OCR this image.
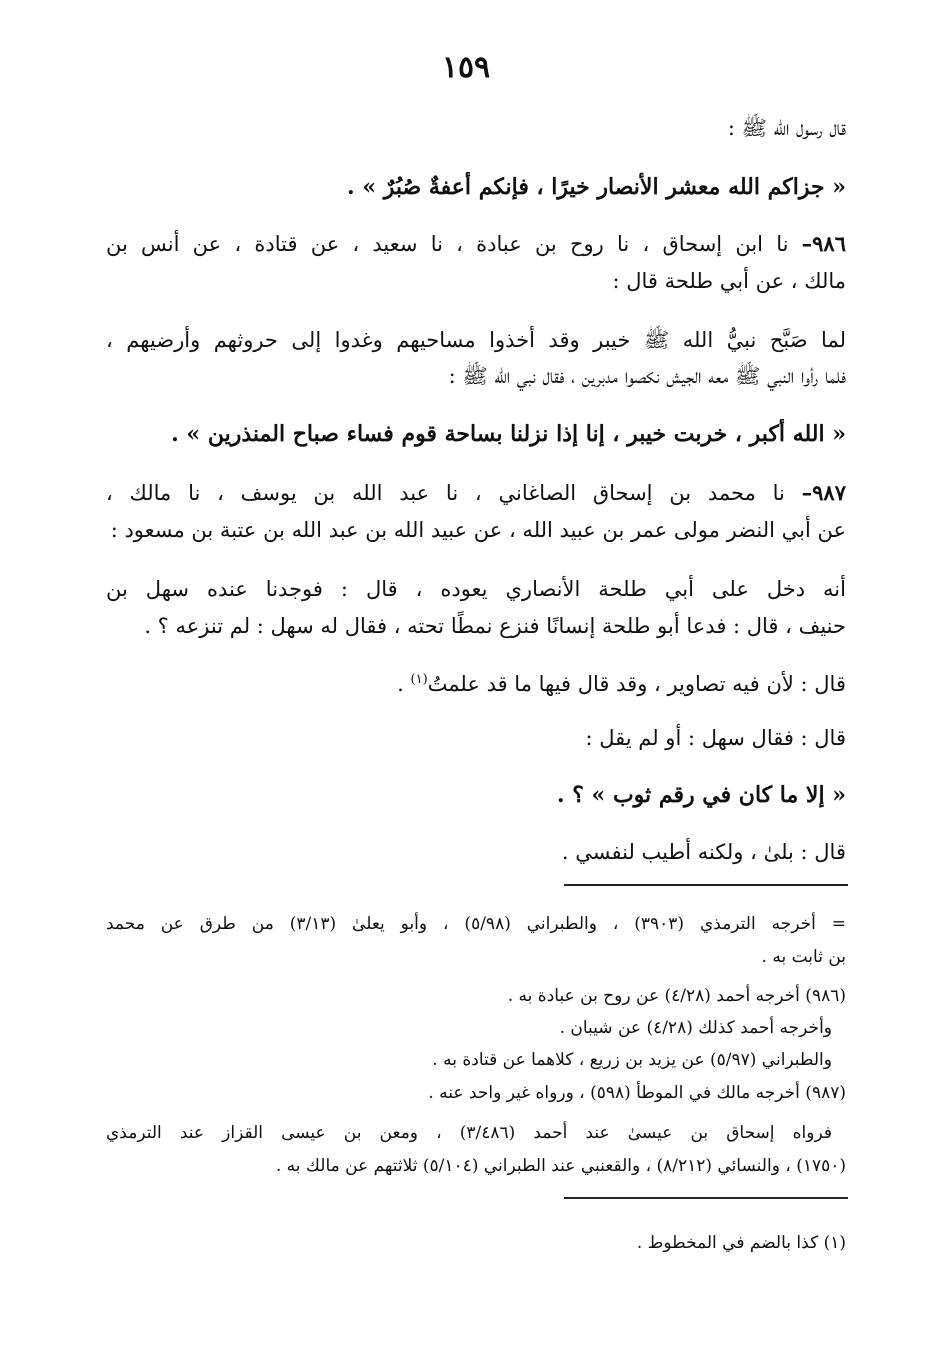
١٥٩
قال رسول الله ﷺ :
« جزاكم الله معشر الأنصار خيرًا ، فإنكم أعفةٌ صُبُرٌ » .
٩٨٦– نا ابن إسحاق ، نا روح بن عبادة ، نا سعيد ، عن قتادة ، عن أنس بن
مالك ، عن أبي طلحة قال :
لما صَبَّح نبيُّ الله ﷺ خيبر وقد أخذوا مساحيهم وغدوا إلى حروثهم وأرضيهم ،
فلما رأوا النبي ﷺ معه الجيش نكصوا مدبرين ، فقال نبي الله ﷺ :
« الله أكبر ، خربت خيبر ، إنا إذا نزلنا بساحة قوم فساء صباح المنذرين » .
٩٨٧– نا محمد بن إسحاق الصاغاني ، نا عبد الله بن يوسف ، نا مالك ،
عن أبي النضر مولى عمر بن عبيد الله ، عن عبيد الله بن عبد الله بن عتبة بن مسعود :
أنه دخل على أبي طلحة الأنصاري يعوده ، قال : فوجدنا عنده سهل بن
حنيف ، قال : فدعا أبو طلحة إنسانًا فنزع نمطًا تحته ، فقال له سهل : لم تنزعه ؟ .
قال : لأن فيه تصاوير ، وقد قال فيها ما قد علمتُ$^{(١)}$ .
قال : فقال سهل : أو لم يقل :
« إلا ما كان في رقم ثوب » ؟ .
قال : بلىٰ ، ولكنه أطيب لنفسي .
= أخرجه الترمذي (٣٩٠٣) ، والطبراني (٥/٩٨) ، وأبو يعلىٰ (٣/١٣) من طرق عن محمد
بن ثابت به .
(٩٨٦) أخرجه أحمد (٤/٢٨) عن روح بن عبادة به .
وأخرجه أحمد كذلك (٤/٢٨) عن شيبان .
والطبراني (٥/٩٧) عن يزيد بن زريع ، كلاهما عن قتادة به .
(٩٨٧) أخرجه مالك في الموطأ (٥٩٨) ، ورواه غير واحد عنه .
فرواه إسحاق بن عيسىٰ عند أحمد (٣/٤٨٦) ، ومعن بن عيسى القزاز عند الترمذي
(١٧٥٠) ، والنسائي (٨/٢١٢) ، والقعنبي عند الطبراني (٥/١٠٤) ثلاثتهم عن مالك به .
(١) كذا بالضم في المخطوط .
